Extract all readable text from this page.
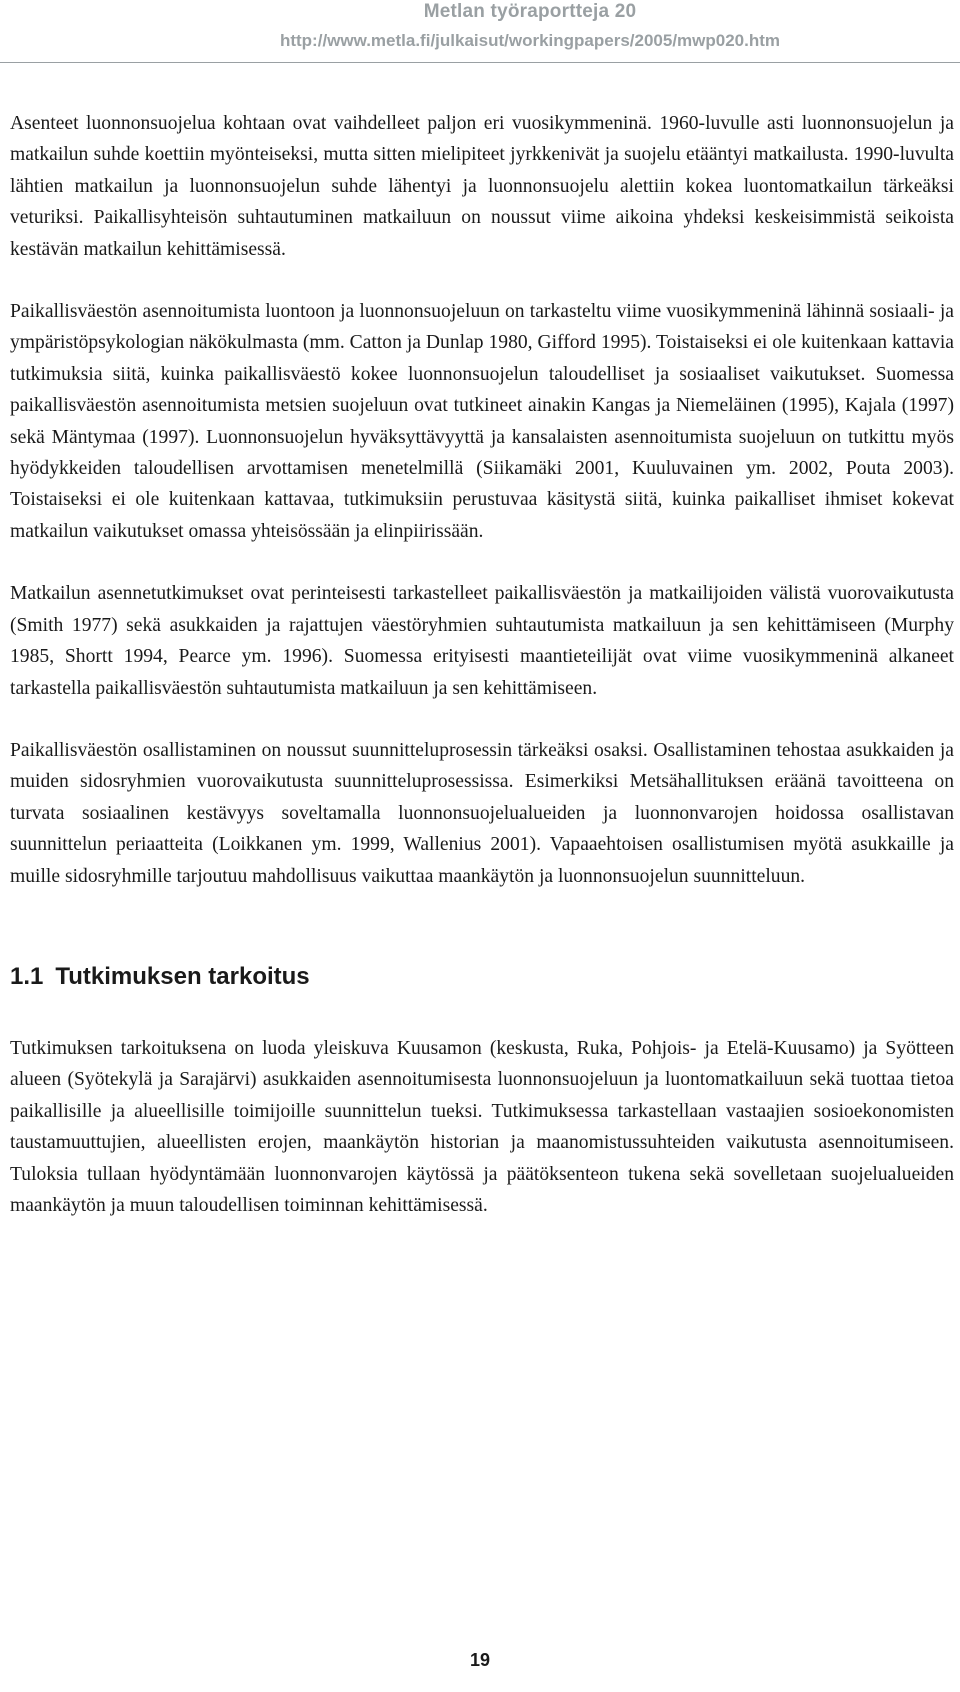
Metlan työraportteja 20
http://www.metla.fi/julkaisut/workingpapers/2005/mwp020.htm

Asenteet luonnonsuojelua kohtaan ovat vaihdelleet paljon eri vuosikymmeninä. 1960-luvulle asti luonnonsuojelun ja matkailun suhde koettiin myönteiseksi, mutta sitten mielipiteet jyrkkenivät ja suojelu etääntyi matkailusta. 1990-luvulta lähtien matkailun ja luonnonsuojelun suhde lähentyi ja luonnonsuojelu alettiin kokea luontomatkailun tärkeäksi veturiksi. Paikallisyhteisön suhtautuminen matkailuun on noussut viime aikoina yhdeksi keskeisimmistä seikoista kestävän matkailun kehittämisessä.

Paikallisväestön asennoitumista luontoon ja luonnonsuojeluun on tarkasteltu viime vuosikymmeninä lähinnä sosiaali- ja ympäristöpsykologian näkökulmasta (mm. Catton ja Dunlap 1980, Gifford 1995). Toistaiseksi ei ole kuitenkaan kattavia tutkimuksia siitä, kuinka paikallisväestö kokee luonnonsuojelun taloudelliset ja sosiaaliset vaikutukset. Suomessa paikallisväestön asennoitumista metsien suojeluun ovat tutkineet ainakin Kangas ja Niemeläinen (1995), Kajala (1997) sekä Mäntymaa (1997). Luonnonsuojelun hyväksyttävyyttä ja kansalaisten asennoitumista suojeluun on tutkittu myös hyödykkeiden taloudellisen arvottamisen menetelmillä (Siikamäki 2001, Kuuluvainen ym. 2002, Pouta 2003). Toistaiseksi ei ole kuitenkaan kattavaa, tutkimuksiin perustuvaa käsitystä siitä, kuinka paikalliset ihmiset kokevat matkailun vaikutukset omassa yhteisössään ja elinpiirissään.

Matkailun asennetutkimukset ovat perinteisesti tarkastelleet paikallisväestön ja matkailijoiden välistä vuorovaikutusta (Smith 1977) sekä asukkaiden ja rajattujen väestöryhmien suhtautumista matkailuun ja sen kehittämiseen (Murphy 1985, Shortt 1994, Pearce ym. 1996). Suomessa erityisesti maantieteilijät ovat viime vuosikymmeninä alkaneet tarkastella paikallisväestön suhtautumista matkailuun ja sen kehittämiseen.

Paikallisväestön osallistaminen on noussut suunnitteluprosessin tärkeäksi osaksi. Osallistaminen tehostaa asukkaiden ja muiden sidosryhmien vuorovaikutusta suunnitteluprosessissa. Esimerkiksi Metsähallituksen eräänä tavoitteena on turvata sosiaalinen kestävyys soveltamalla luonnonsuojelualueiden ja luonnonvarojen hoidossa osallistavan suunnittelun periaatteita (Loikkanen ym. 1999, Wallenius 2001). Vapaaehtoisen osallistumisen myötä asukkaille ja muille sidosryhmille tarjoutuu mahdollisuus vaikuttaa maankäytön ja luonnonsuojelun suunnitteluun.

1.1 Tutkimuksen tarkoitus

Tutkimuksen tarkoituksena on luoda yleiskuva Kuusamon (keskusta, Ruka, Pohjois- ja Etelä-Kuusamo) ja Syötteen alueen (Syötekylä ja Sarajärvi) asukkaiden asennoitumisesta luonnonsuojeluun ja luontomatkailuun sekä tuottaa tietoa paikallisille ja alueellisille toimijoille suunnittelun tueksi. Tutkimuksessa tarkastellaan vastaajien sosioekonomisten taustamuuttujien, alueellisten erojen, maankäytön historian ja maanomistussuhteiden vaikutusta asennoitumiseen. Tuloksia tullaan hyödyntämään luonnonvarojen käytössä ja päätöksenteon tukena sekä sovelletaan suojelualueiden maankäytön ja muun taloudellisen toiminnan kehittämisessä.

19
